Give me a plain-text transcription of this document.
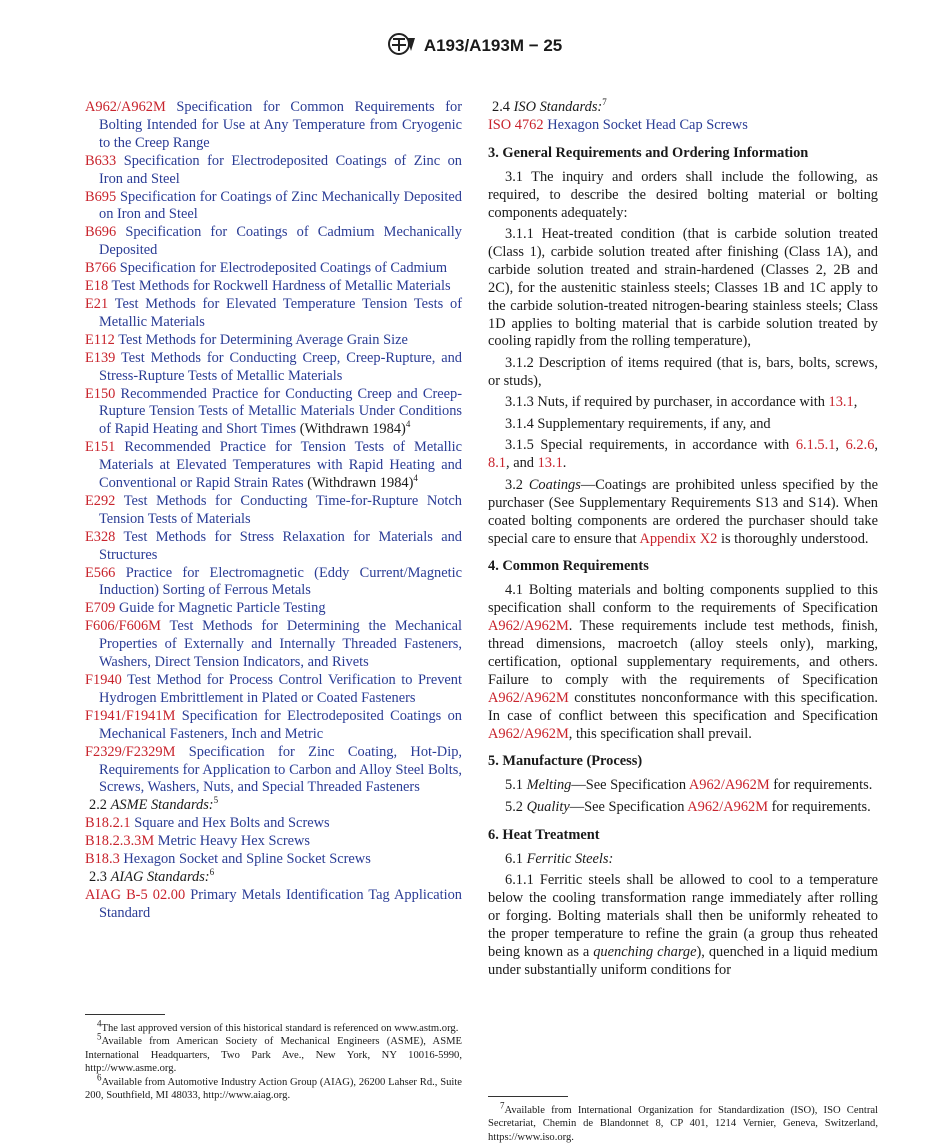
A193/A193M − 25

A962/A962M Specification for Common Requirements for Bolting Intended for Use at Any Temperature from Cryogenic to the Creep Range

B633 Specification for Electrodeposited Coatings of Zinc on Iron and Steel

B695 Specification for Coatings of Zinc Mechanically Deposited on Iron and Steel

B696 Specification for Coatings of Cadmium Mechanically Deposited

B766 Specification for Electrodeposited Coatings of Cadmium

E18 Test Methods for Rockwell Hardness of Metallic Materials

E21 Test Methods for Elevated Temperature Tension Tests of Metallic Materials

E112 Test Methods for Determining Average Grain Size

E139 Test Methods for Conducting Creep, Creep-Rupture, and Stress-Rupture Tests of Metallic Materials

E150 Recommended Practice for Conducting Creep and Creep-Rupture Tension Tests of Metallic Materials Under Conditions of Rapid Heating and Short Times (Withdrawn 1984)$^4$

E151 Recommended Practice for Tension Tests of Metallic Materials at Elevated Temperatures with Rapid Heating and Conventional or Rapid Strain Rates (Withdrawn 1984)$^4$

E292 Test Methods for Conducting Time-for-Rupture Notch Tension Tests of Materials

E328 Test Methods for Stress Relaxation for Materials and Structures

E566 Practice for Electromagnetic (Eddy Current/Magnetic Induction) Sorting of Ferrous Metals

E709 Guide for Magnetic Particle Testing

F606/F606M Test Methods for Determining the Mechanical Properties of Externally and Internally Threaded Fasteners, Washers, Direct Tension Indicators, and Rivets

F1940 Test Method for Process Control Verification to Prevent Hydrogen Embrittlement in Plated or Coated Fasteners

F1941/F1941M Specification for Electrodeposited Coatings on Mechanical Fasteners, Inch and Metric

F2329/F2329M Specification for Zinc Coating, Hot-Dip, Requirements for Application to Carbon and Alloy Steel Bolts, Screws, Washers, Nuts, and Special Threaded Fasteners

2.2 ASME Standards:$^5$

B18.2.1 Square and Hex Bolts and Screws

B18.2.3.3M Metric Heavy Hex Screws

B18.3 Hexagon Socket and Spline Socket Screws

2.3 AIAG Standards:$^6$

AIAG B-5 02.00 Primary Metals Identification Tag Application Standard

2.4 ISO Standards:$^7$

ISO 4762 Hexagon Socket Head Cap Screws

3. General Requirements and Ordering Information

3.1 The inquiry and orders shall include the following, as required, to describe the desired bolting material or bolting components adequately:

3.1.1 Heat-treated condition (that is carbide solution treated (Class 1), carbide solution treated after finishing (Class 1A), and carbide solution treated and strain-hardened (Classes 2, 2B and 2C), for the austenitic stainless steels; Classes 1B and 1C apply to the carbide solution-treated nitrogen-bearing stainless steels; Class 1D applies to bolting material that is carbide solution treated by cooling rapidly from the rolling temperature),

3.1.2 Description of items required (that is, bars, bolts, screws, or studs),

3.1.3 Nuts, if required by purchaser, in accordance with 13.1,

3.1.4 Supplementary requirements, if any, and

3.1.5 Special requirements, in accordance with 6.1.5.1, 6.2.6, 8.1, and 13.1.

3.2 Coatings—Coatings are prohibited unless specified by the purchaser (See Supplementary Requirements S13 and S14). When coated bolting components are ordered the purchaser should take special care to ensure that Appendix X2 is thoroughly understood.

4. Common Requirements

4.1 Bolting materials and bolting components supplied to this specification shall conform to the requirements of Specification A962/A962M. These requirements include test methods, finish, thread dimensions, macroetch (alloy steels only), marking, certification, optional supplementary requirements, and others. Failure to comply with the requirements of Specification A962/A962M constitutes nonconformance with this specification. In case of conflict between this specification and Specification A962/A962M, this specification shall prevail.

5. Manufacture (Process)

5.1 Melting—See Specification A962/A962M for requirements.

5.2 Quality—See Specification A962/A962M for requirements.

6. Heat Treatment

6.1 Ferritic Steels:

6.1.1 Ferritic steels shall be allowed to cool to a temperature below the cooling transformation range immediately after rolling or forging. Bolting materials shall then be uniformly reheated to the proper temperature to refine the grain (a group thus reheated being known as a quenching charge), quenched in a liquid medium under substantially uniform conditions for

$^4$The last approved version of this historical standard is referenced on www.astm.org.

$^5$Available from American Society of Mechanical Engineers (ASME), ASME International Headquarters, Two Park Ave., New York, NY 10016-5990, http://www.asme.org.

$^6$Available from Automotive Industry Action Group (AIAG), 26200 Lahser Rd., Suite 200, Southfield, MI 48033, http://www.aiag.org.

$^7$Available from International Organization for Standardization (ISO), ISO Central Secretariat, Chemin de Blandonnet 8, CP 401, 1214 Vernier, Geneva, Switzerland, https://www.iso.org.
